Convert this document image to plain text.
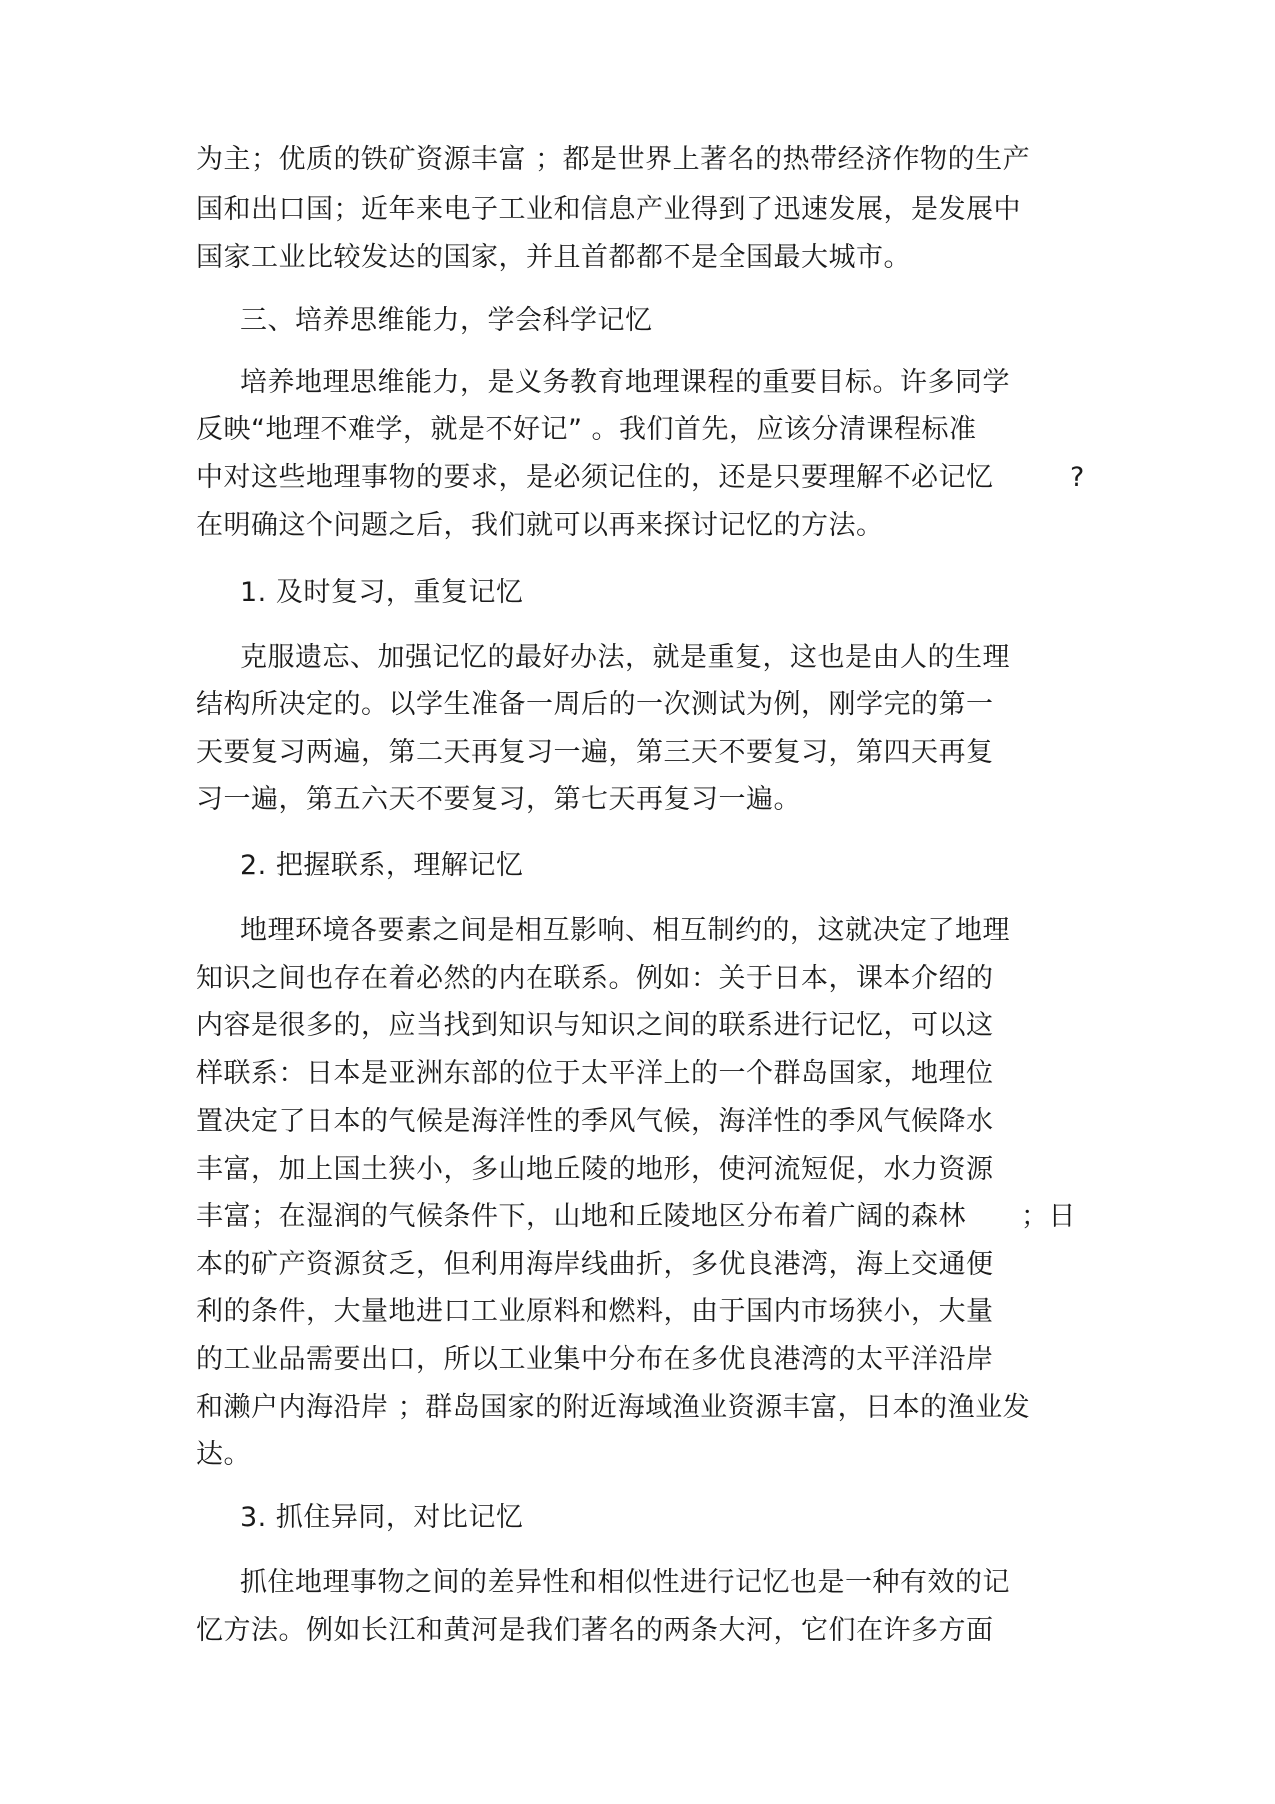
为主；优质的铁矿资源丰富 ；都是世界上著名的热带经济作物的生产
国和出口国；近年来电子工业和信息产业得到了迅速发展，是发展中
国家工业比较发达的国家，并且首都都不是全国最大城市。
三、培养思维能力，学会科学记忆
培养地理思维能力，是义务教育地理课程的重要目标。许多同学
反映“地理不难学，就是不好记” 。我们首先，应该分清课程标准
中对这些地理事物的要求，是必须记住的，还是只要理解不必记忆	?
在明确这个问题之后，我们就可以再来探讨记忆的方法。
1. 及时复习，重复记忆
克服遗忘、加强记忆的最好办法，就是重复，这也是由人的生理
结构所决定的。以学生准备一周后的一次测试为例，刚学完的第一
天要复习两遍，第二天再复习一遍，第三天不要复习，第四天再复
习一遍，第五六天不要复习，第七天再复习一遍。
2. 把握联系，理解记忆
地理环境各要素之间是相互影响、相互制约的，这就决定了地理
知识之间也存在着必然的内在联系。例如：关于日本，课本介绍的
内容是很多的，应当找到知识与知识之间的联系进行记忆，可以这
样联系：日本是亚洲东部的位于太平洋上的一个群岛国家，地理位
置决定了日本的气候是海洋性的季风气候，海洋性的季风气候降水
丰富，加上国土狭小，多山地丘陵的地形，使河流短促，水力资源
丰富；在湿润的气候条件下，山地和丘陵地区分布着广阔的森林　　；日
本的矿产资源贫乏，但利用海岸线曲折，多优良港湾，海上交通便
利的条件，大量地进口工业原料和燃料，由于国内市场狭小，大量
的工业品需要出口，所以工业集中分布在多优良港湾的太平洋沿岸
和濑户内海沿岸 ；群岛国家的附近海域渔业资源丰富，日本的渔业发
达。
3. 抓住异同，对比记忆
抓住地理事物之间的差异性和相似性进行记忆也是一种有效的记
忆方法。例如长江和黄河是我们著名的两条大河，它们在许多方面
